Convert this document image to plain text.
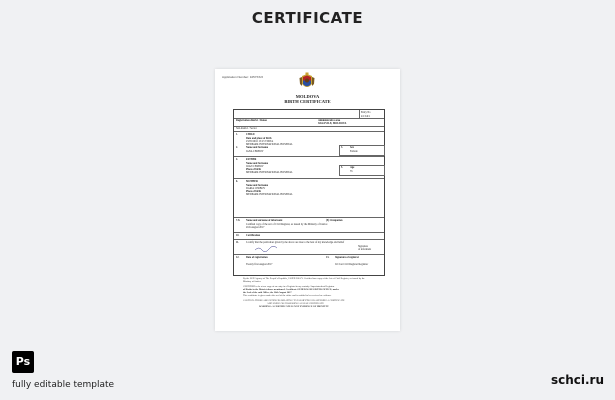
CERTIFICATE
Application Number: 1057XX/2
MOLDOVA
BIRTH CERTIFICATE
Entry No
4/Civil/1
Registration district / Raion	Administrative area
SIGLIVILE, MOLDOVA
Sub-district / Sector
1.	CHILD
Date and place of birth
23/05/2016 15:23 VISITA
MEDPARK INTERNATIONAL HOSPITAL
2.	Name and Surname
IANA CERBOV
3.	Sex
Female
4.	FATHER
Name and Surname
IOAN CERBOV
Place of birth
MEDPARK INTERNATIONAL HOSPITAL
5.	Age
35
6.	MOTHER
Name and Surname
DARIA CERBOV
Place of birth
MEDPARK INTERNATIONAL HOSPITAL
7-8. Name and surname of informant	(9) Occupation
Certified copy of the Act of Civil Register, as issued by the Ministry of Justice
21th August 2017
10.	Certification
11.	I certify that the particulars given by me above are true to the best of my knowledge and belief
Signature
of informant
12.	Date of registration	13. Signature of registrar
Twenty first August 2017	I.Iv Ion Civil Register Registrar
By the LEX Agency of The People's Republic, 120XX/2016/V. Certified true copy of the Act of Civil Register, as issued by the
Ministry of Justice
CERTIFIED to be a true copy of an entry in a Register/in my custody. Superintendent Registrar
of Births in the District above mentioned. Certificate GENERAL REGISTER OFFICE, under
the Seal of the said Office, the 20th August 2017
This certificate is given under the seal of the office and is entitled to be received as evidence
CAUTION: THERE ARE OFFENCES RELATING TO FALSIFYING OR ALTERING A CERTIFICATE
AND USING OR POSSESSING A FALSE CERTIFICATE
WARNING: A CERTIFICATE IS NOT EVIDENCE OF IDENTITY
Ps
fully editable template	schci.ru
